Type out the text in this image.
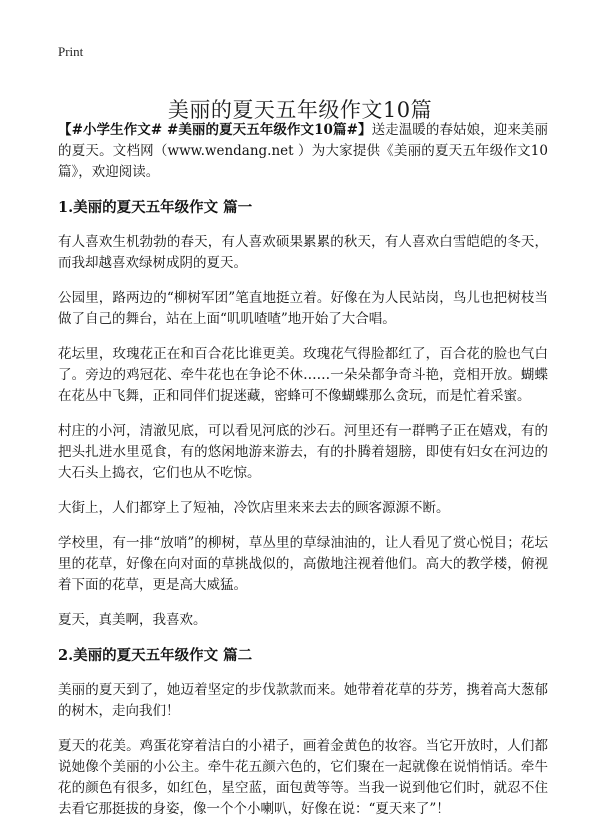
Print
美丽的夏天五年级作文10篇

【#小学生作文# #美丽的夏天五年级作文10篇#】送走温暖的春姑娘，迎来美丽的夏天。文档网（www.wendang.net ）为大家提供《美丽的夏天五年级作文10篇》，欢迎阅读。

1.美丽的夏天五年级作文 篇一

有人喜欢生机勃勃的春天，有人喜欢硕果累累的秋天，有人喜欢白雪皑皑的冬天，而我却越喜欢绿树成阴的夏天。

公园里，路两边的“柳树军团”笔直地挺立着。好像在为人民站岗，鸟儿也把树枝当做了自己的舞台，站在上面“叽叽喳喳”地开始了大合唱。

花坛里，玫瑰花正在和百合花比谁更美。玫瑰花气得脸都红了，百合花的脸也气白了。旁边的鸡冠花、牵牛花也在争论不休……一朵朵都争奇斗艳，竞相开放。蝴蝶在花丛中飞舞，正和同伴们捉迷藏，密蜂可不像蝴蝶那么贪玩，而是忙着采蜜。

村庄的小河，清澈见底，可以看见河底的沙石。河里还有一群鸭子正在嬉戏，有的把头扎进水里觅食，有的悠闲地游来游去，有的扑腾着翅膀，即使有妇女在河边的大石头上捣衣，它们也从不吃惊。

大街上，人们都穿上了短袖，冷饮店里来来去去的顾客源源不断。

学校里，有一排“放哨”的柳树，草丛里的草绿油油的，让人看见了赏心悦目；花坛里的花草，好像在向对面的草挑战似的，高傲地注视着他们。高大的教学楼，俯视着下面的花草，更是高大威猛。

夏天，真美啊，我喜欢。

2.美丽的夏天五年级作文 篇二

美丽的夏天到了，她迈着坚定的步伐款款而来。她带着花草的芬芳，携着高大葱郁的树木，走向我们！

夏天的花美。鸡蛋花穿着洁白的小裙子，画着金黄色的妆容。当它开放时，人们都说她像个美丽的小公主。牵牛花五颜六色的，它们聚在一起就像在说悄悄话。牵牛花的颜色有很多，如红色，星空蓝，面包黄等等。当我一说到他它们时，就忍不住去看它那挺拔的身姿，像一个个小喇叭，好像在说：“夏天来了”！
